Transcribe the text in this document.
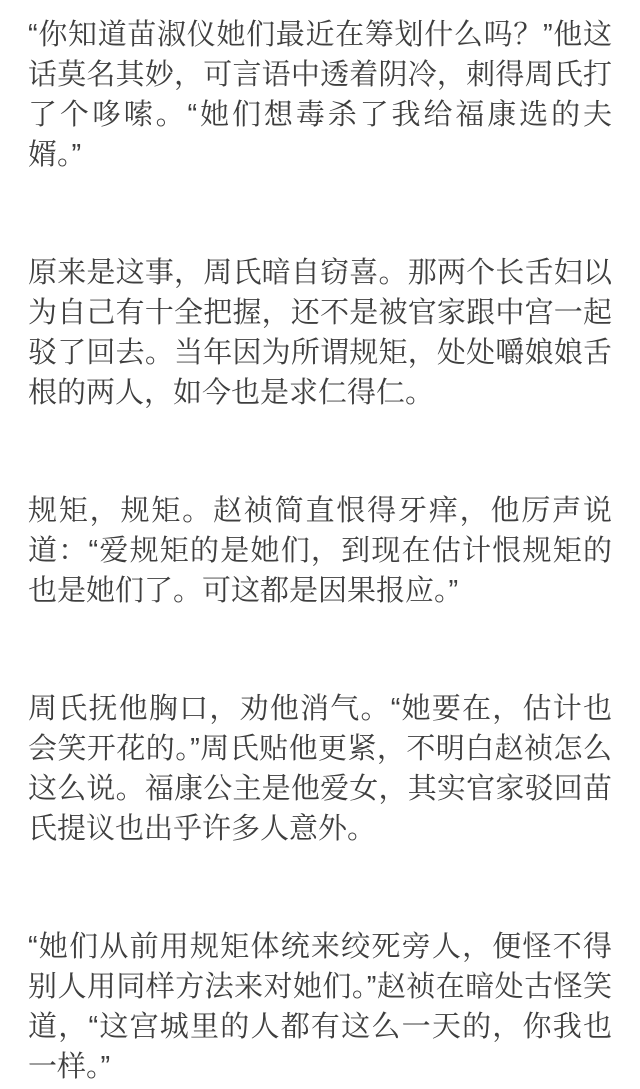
“你知道苗淑仪她们最近在筹划什么吗？”他这话莫名其妙，可言语中透着阴冷，刺得周氏打了个哆嗦。“她们想毒杀了我给福康选的夫婿。”

原来是这事，周氏暗自窃喜。那两个长舌妇以为自己有十全把握，还不是被官家跟中宫一起驳了回去。当年因为所谓规矩，处处嚼娘娘舌根的两人，如今也是求仁得仁。

规矩，规矩。赵祯简直恨得牙痒，他厉声说道：“爱规矩的是她们，到现在估计恨规矩的也是她们了。可这都是因果报应。”

周氏抚他胸口，劝他消气。“她要在，估计也会笑开花的。”周氏贴他更紧，不明白赵祯怎么这么说。福康公主是他爱女，其实官家驳回苗氏提议也出乎许多人意外。

“她们从前用规矩体统来绞死旁人，便怪不得别人用同样方法来对她们。”赵祯在暗处古怪笑道，“这宫城里的人都有这么一天的，你我也一样。”
